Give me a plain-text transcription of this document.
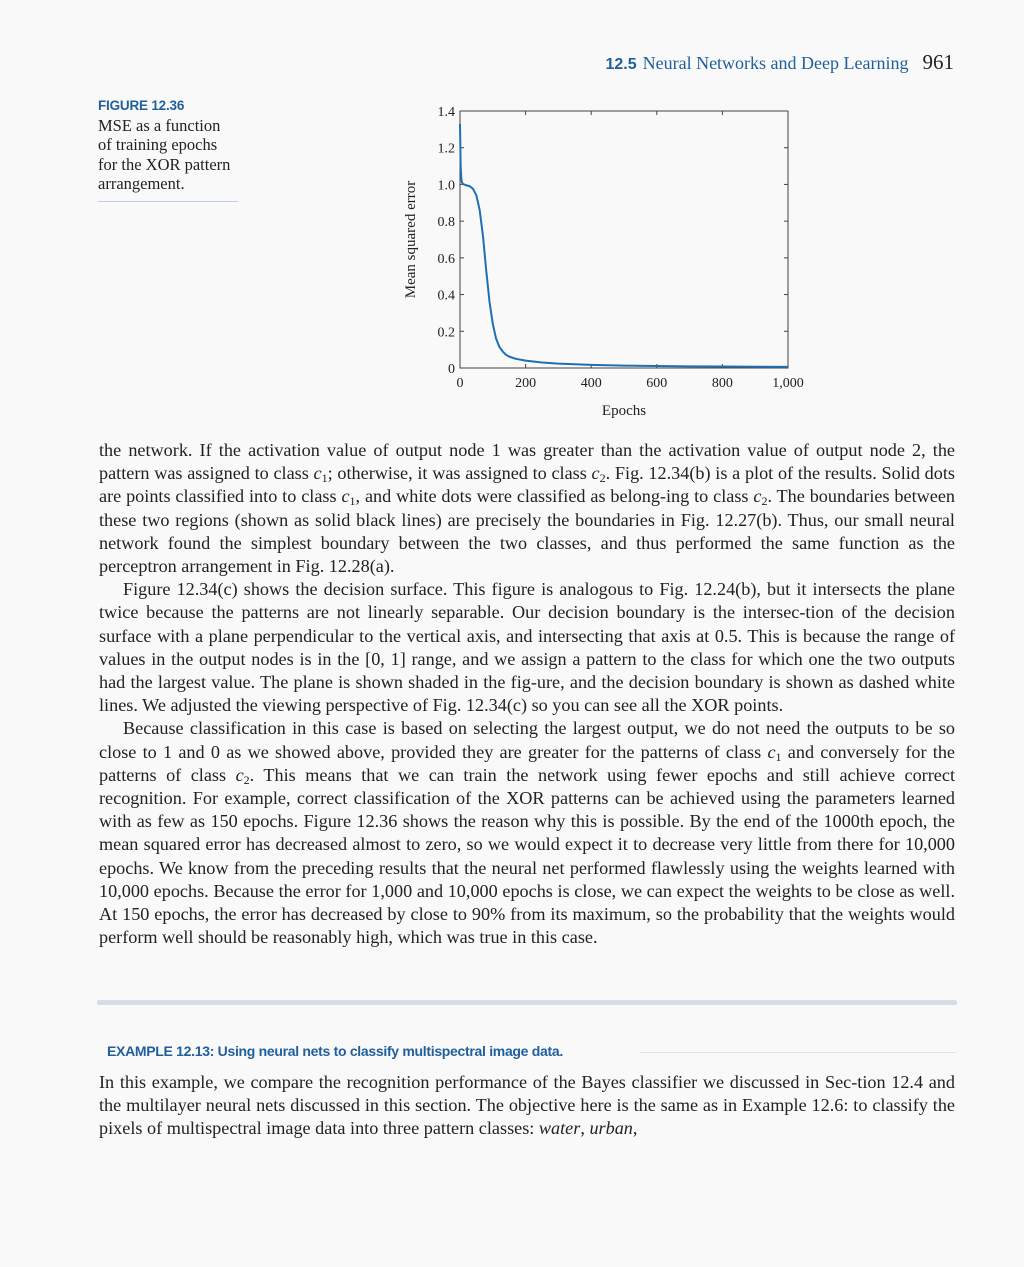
12.5 Neural Networks and Deep Learning 961
FIGURE 12.36
MSE as a function of training epochs for the XOR pattern arrangement.
0
0.2
0.4
0.6
0.8
1.0
1.2
1.4
0	200	400	600	800	1,000
Epochs
Mean squared error

the network. If the activation value of output node 1 was greater than the activation value of output node 2, the pattern was assigned to class $c_1$; otherwise, it was assigned to class $c_2$. Fig. 12.34(b) is a plot of the results. Solid dots are points classified into to class $c_1$, and white dots were classified as belong-ing to class $c_2$. The boundaries between these two regions (shown as solid black lines) are precisely the boundaries in Fig. 12.27(b). Thus, our small neural network found the simplest boundary between the two classes, and thus performed the same function as the perceptron arrangement in Fig. 12.28(a).

Figure 12.34(c) shows the decision surface. This figure is analogous to Fig. 12.24(b), but it intersects the plane twice because the patterns are not linearly separable. Our decision boundary is the intersec-tion of the decision surface with a plane perpendicular to the vertical axis, and intersecting that axis at 0.5. This is because the range of values in the output nodes is in the [0, 1] range, and we assign a pattern to the class for which one the two outputs had the largest value. The plane is shown shaded in the fig-ure, and the decision boundary is shown as dashed white lines. We adjusted the viewing perspective of Fig. 12.34(c) so you can see all the XOR points.

Because classification in this case is based on selecting the largest output, we do not need the outputs to be so close to 1 and 0 as we showed above, provided they are greater for the patterns of class $c_1$ and conversely for the patterns of class $c_2$. This means that we can train the network using fewer epochs and still achieve correct recognition. For example, correct classification of the XOR patterns can be achieved using the parameters learned with as few as 150 epochs. Figure 12.36 shows the reason why this is possible. By the end of the 1000th epoch, the mean squared error has decreased almost to zero, so we would expect it to decrease very little from there for 10,000 epochs. We know from the preceding results that the neural net performed flawlessly using the weights learned with 10,000 epochs. Because the error for 1,000 and 10,000 epochs is close, we can expect the weights to be close as well. At 150 epochs, the error has decreased by close to 90% from its maximum, so the probability that the weights would perform well should be reasonably high, which was true in this case.

EXAMPLE 12.13: Using neural nets to classify multispectral image data.

In this example, we compare the recognition performance of the Bayes classifier we discussed in Sec-tion 12.4 and the multilayer neural nets discussed in this section. The objective here is the same as in Example 12.6: to classify the pixels of multispectral image data into three pattern classes: water, urban,
